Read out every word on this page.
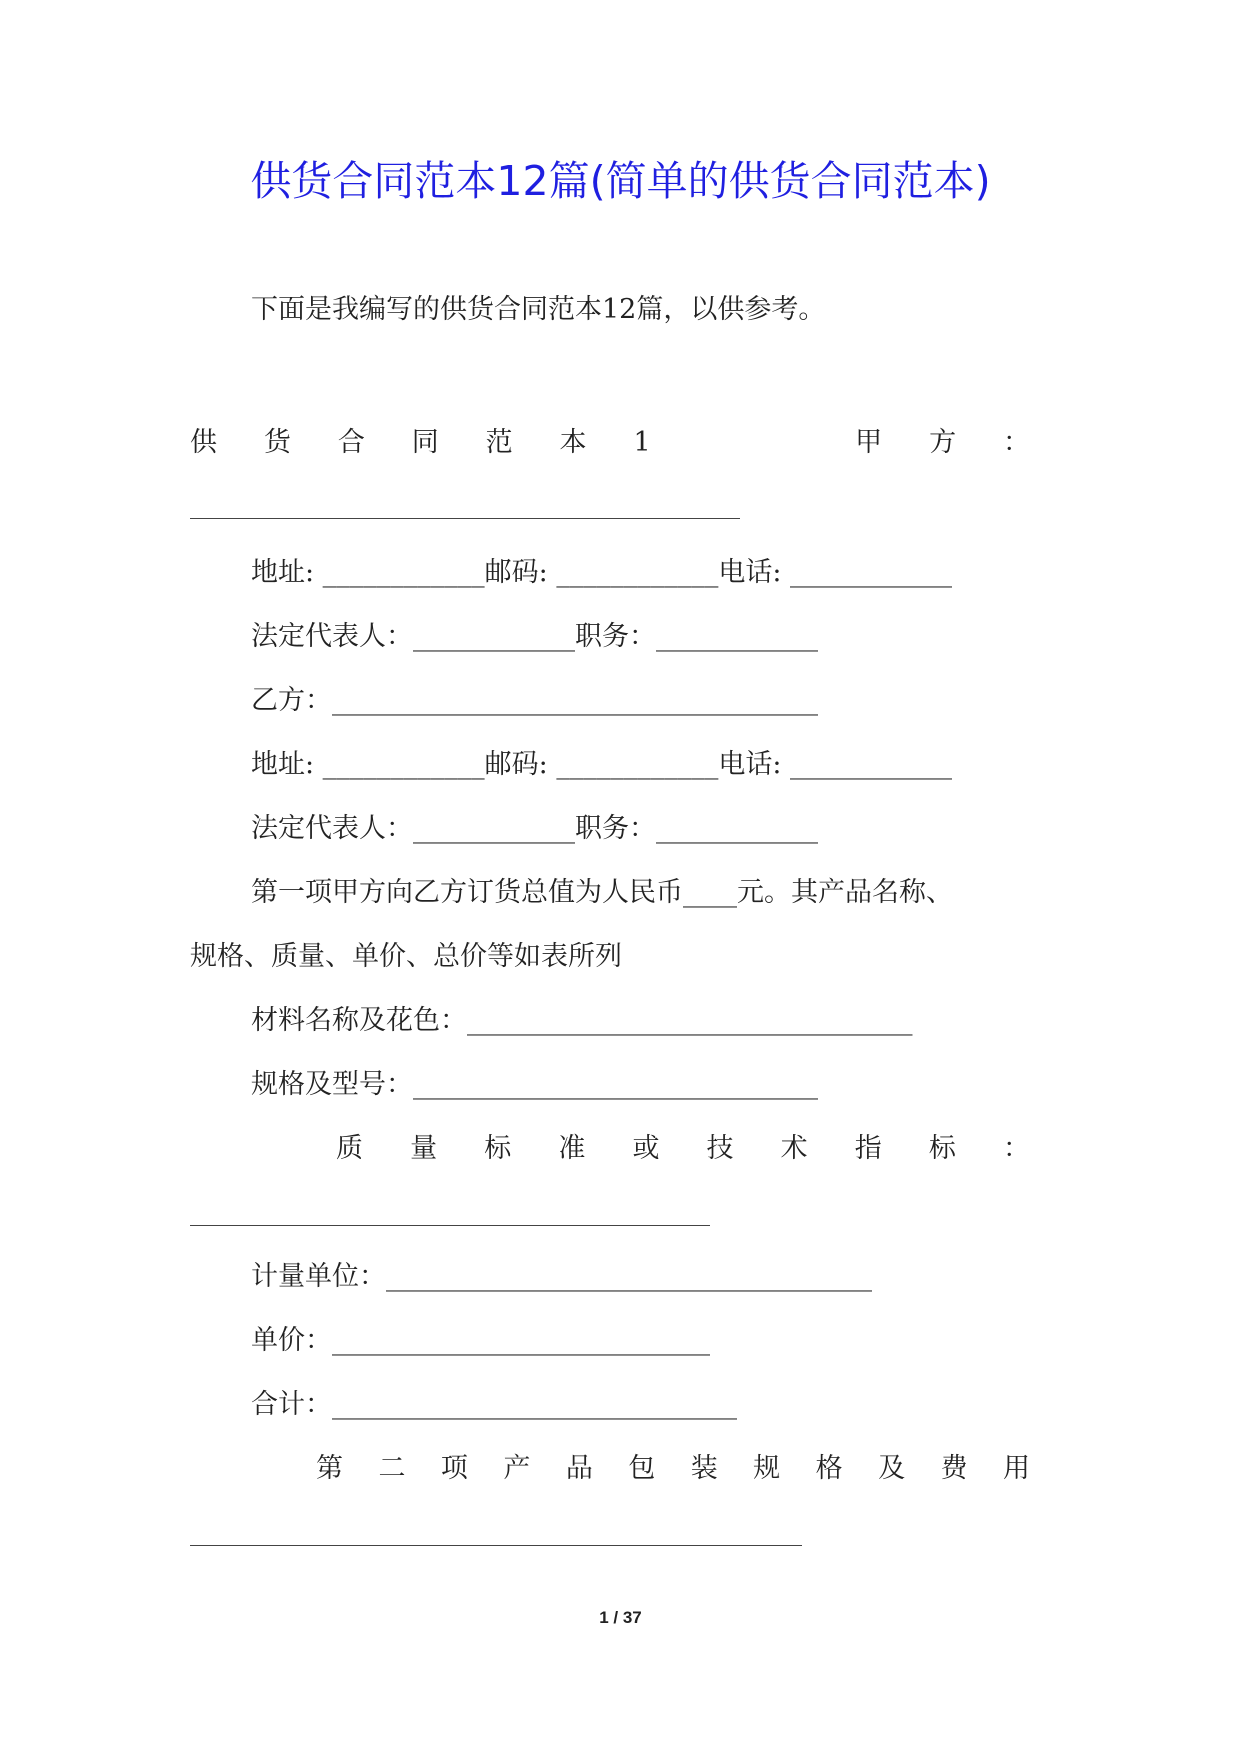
供货合同范本12篇(简单的供货合同范本)
下面是我编写的供货合同范本12篇，以供参考。
供 货 合 同 范 本 1	甲 方 ：
地址: ____________邮码: ____________电话: ____________
法定代表人：____________职务：____________
乙方：____________________________________
地址: ____________邮码: ____________电话: ____________
法定代表人：____________职务：____________
第一项甲方向乙方订货总值为人民币____元。其产品名称、
规格、质量、单价、总价等如表所列
材料名称及花色：_________________________________
规格及型号：______________________________
质 量 标 准 或 技 术 指 标 ：
计量单位：____________________________________
单价：____________________________
合计：______________________________
第 二 项 产 品 包 装 规 格 及 费 用
1 / 37
